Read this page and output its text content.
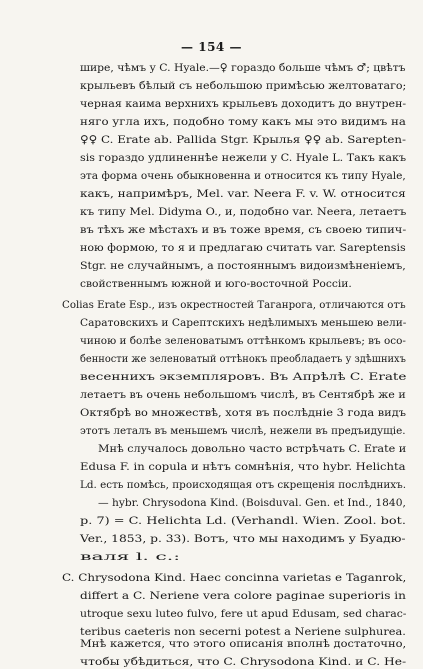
— 154 —
шире, чѣмъ у C. Hyale.—♀ гораздо больше чѣмъ ♂; цвѣтъ
крыльевъ бѣлый съ небольшою примѣсью желтоватаго;
черная каима верхнихъ крыльевъ доходитъ до внутрен-
няго угла ихъ, подобно тому какъ мы это видимъ на
♀♀ C. Erate ab. Pallida Stgr. Крылья ♀♀ ab. Sarepten-
sis гораздо удлиненнѣе нежели у C. Hyale L. Такъ какъ
эта форма очень обыкновенна и относится къ типу Hyale,
какъ, напримѣръ, Mel. var. Neera F. v. W. относится
къ типу Mel. Didyma O., и, подобно var. Neera, летаетъ
въ тѣхъ же мѣстахъ и въ тоже время, съ своею типич-
ною формою, то я и предлагаю считать var. Sareptensis
Stgr. не случайнымъ, а постояннымъ видоизмѣненіемъ,
свойственнымъ южной и юго-восточной Россіи.
Colias Erate Esp., изъ окрестностей Таганрога, отличаются отъ
Саратовскихъ и Сарептскихъ недѣлимыхъ меньшею вели-
чиною и болѣе зеленоватымъ оттѣнкомъ крыльевъ; въ осо-
бенности же зеленоватый оттѣнокъ преобладаетъ у здѣшнихъ
весеннихъ экземпляровъ. Въ Апрѣлѣ C. Erate
летаетъ въ очень небольшомъ числѣ, въ Сентябрѣ же и
Октябрѣ во множествѣ, хотя въ послѣдніе 3 года видъ
этотъ леталъ въ меньшемъ числѣ, нежели въ предъидущіе.
Мнѣ случалось довольно часто встрѣчать C. Erate и
Edusa F. in copula и нѣтъ сомнѣнія, что hybr. Helichta
Ld. есть помѣсь, происходящая отъ скрещенія послѣднихъ.
— hybr. Chrysodona Kind. (Boisduval. Gen. et Ind., 1840,
p. 7) = C. Helichta Ld. (Verhandl. Wien. Zool. bot.
Ver., 1853, p. 33). Вотъ, что мы находимъ у Буадю-
валя l. c.:
C. Chrysodona Kind. Haec concinna varietas e Taganrok,
differt a C. Neriene vera colore paginae superioris in
utroque sexu luteo fulvo, fere ut apud Edusam, sed charac-
teribus caeteris non secerni potest a Neriene sulphurea.
Мнѣ кажется, что этого описанія вполнѣ достаточно,
чтобы убѣдиться, что C. Chrysodona Kind. и C. He-
